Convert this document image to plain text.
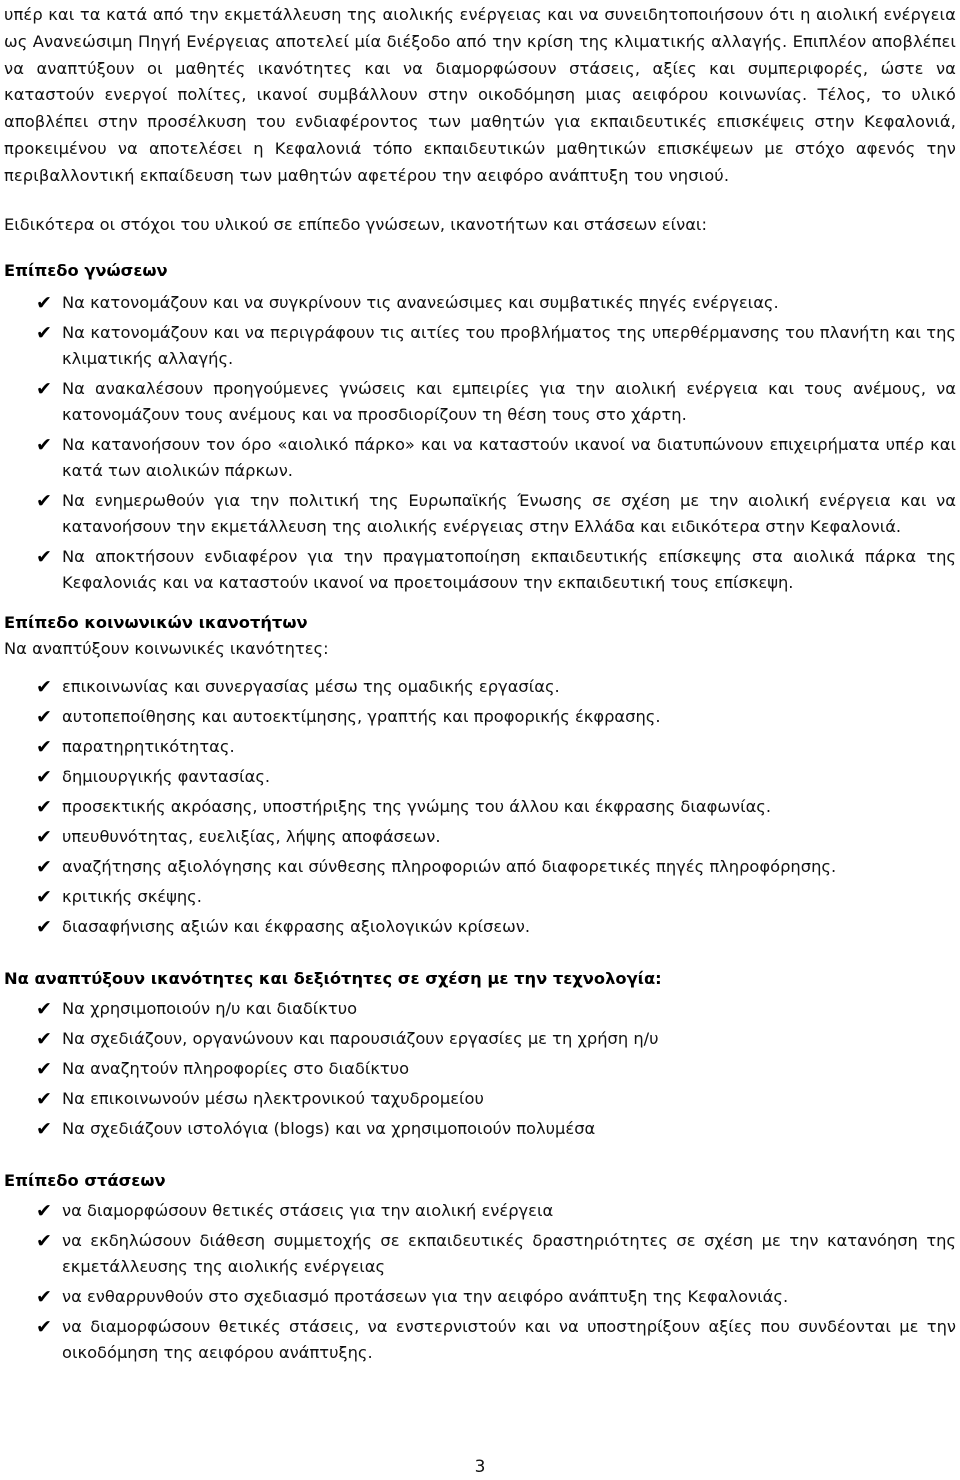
υπέρ και τα κατά από την εκμετάλλευση της αιολικής ενέργειας και να συνειδητοποιήσουν ότι η αιολική ενέργεια ως Ανανεώσιμη Πηγή Ενέργειας αποτελεί μία διέξοδο από την κρίση της κλιματικής αλλαγής. Επιπλέον αποβλέπει να αναπτύξουν οι μαθητές ικανότητες και να διαμορφώσουν στάσεις, αξίες και συμπεριφορές, ώστε να καταστούν ενεργοί πολίτες, ικανοί συμβάλλουν στην οικοδόμηση μιας αειφόρου κοινωνίας. Τέλος, το υλικό αποβλέπει στην προσέλκυση του ενδιαφέροντος των μαθητών για εκπαιδευτικές επισκέψεις στην Κεφαλονιά, προκειμένου να αποτελέσει η Κεφαλονιά τόπο εκπαιδευτικών μαθητικών επισκέψεων με στόχο αφενός την περιβαλλοντική εκπαίδευση των μαθητών αφετέρου την αειφόρο ανάπτυξη του νησιού.

Ειδικότερα οι στόχοι του υλικού σε επίπεδο γνώσεων, ικανοτήτων και στάσεων είναι:

Επίπεδο γνώσεων

✔ Να κατονομάζουν και να συγκρίνουν τις ανανεώσιμες και συμβατικές πηγές ενέργειας.
✔ Να κατονομάζουν και να περιγράφουν τις αιτίες του προβλήματος της υπερθέρμανσης του πλανήτη και της κλιματικής αλλαγής.
✔ Να ανακαλέσουν προηγούμενες γνώσεις και εμπειρίες για την αιολική ενέργεια και τους ανέμους, να κατονομάζουν τους ανέμους και να προσδιορίζουν τη θέση τους στο χάρτη.
✔ Να κατανοήσουν τον όρο «αιολικό πάρκο» και να καταστούν ικανοί να διατυπώνουν επιχειρήματα υπέρ και κατά των αιολικών πάρκων.
✔ Να ενημερωθούν για την πολιτική της Ευρωπαϊκής Ένωσης σε σχέση με την αιολική ενέργεια και να κατανοήσουν την εκμετάλλευση της αιολικής ενέργειας στην Ελλάδα και ειδικότερα στην Κεφαλονιά.
✔ Να αποκτήσουν ενδιαφέρον για την πραγματοποίηση εκπαιδευτικής επίσκεψης στα αιολικά πάρκα της Κεφαλονιάς και να καταστούν ικανοί να προετοιμάσουν την εκπαιδευτική τους επίσκεψη.

Επίπεδο κοινωνικών ικανοτήτων

Να αναπτύξουν κοινωνικές ικανότητες:

✔ επικοινωνίας και συνεργασίας μέσω της ομαδικής εργασίας.
✔ αυτοπεποίθησης και αυτοεκτίμησης, γραπτής και προφορικής έκφρασης.
✔ παρατηρητικότητας.
✔ δημιουργικής φαντασίας.
✔ προσεκτικής ακρόασης, υποστήριξης της γνώμης του άλλου και έκφρασης διαφωνίας.
✔ υπευθυνότητας, ευελιξίας, λήψης αποφάσεων.
✔ αναζήτησης αξιολόγησης και σύνθεσης πληροφοριών από διαφορετικές πηγές πληροφόρησης.
✔ κριτικής σκέψης.
✔ διασαφήνισης αξιών και έκφρασης αξιολογικών κρίσεων.

Να αναπτύξουν ικανότητες και δεξιότητες σε σχέση με την τεχνολογία:

✔ Να χρησιμοποιούν η/υ και διαδίκτυο
✔ Να σχεδιάζουν, οργανώνουν και παρουσιάζουν εργασίες με τη χρήση η/υ
✔ Να αναζητούν πληροφορίες στο διαδίκτυο
✔ Να επικοινωνούν μέσω ηλεκτρονικού ταχυδρομείου
✔ Να σχεδιάζουν ιστολόγια (blogs) και να χρησιμοποιούν πολυμέσα

Επίπεδο στάσεων

✔ να διαμορφώσουν θετικές στάσεις για την αιολική ενέργεια
✔ να εκδηλώσουν διάθεση συμμετοχής σε εκπαιδευτικές δραστηριότητες σε σχέση με την κατανόηση της εκμετάλλευσης της αιολικής ενέργειας
✔ να ενθαρρυνθούν στο σχεδιασμό προτάσεων για την αειφόρο ανάπτυξη της Κεφαλονιάς.
✔ να διαμορφώσουν θετικές στάσεις, να ενστερνιστούν και να υποστηρίξουν αξίες που συνδέονται με την οικοδόμηση της αειφόρου ανάπτυξης.
3
